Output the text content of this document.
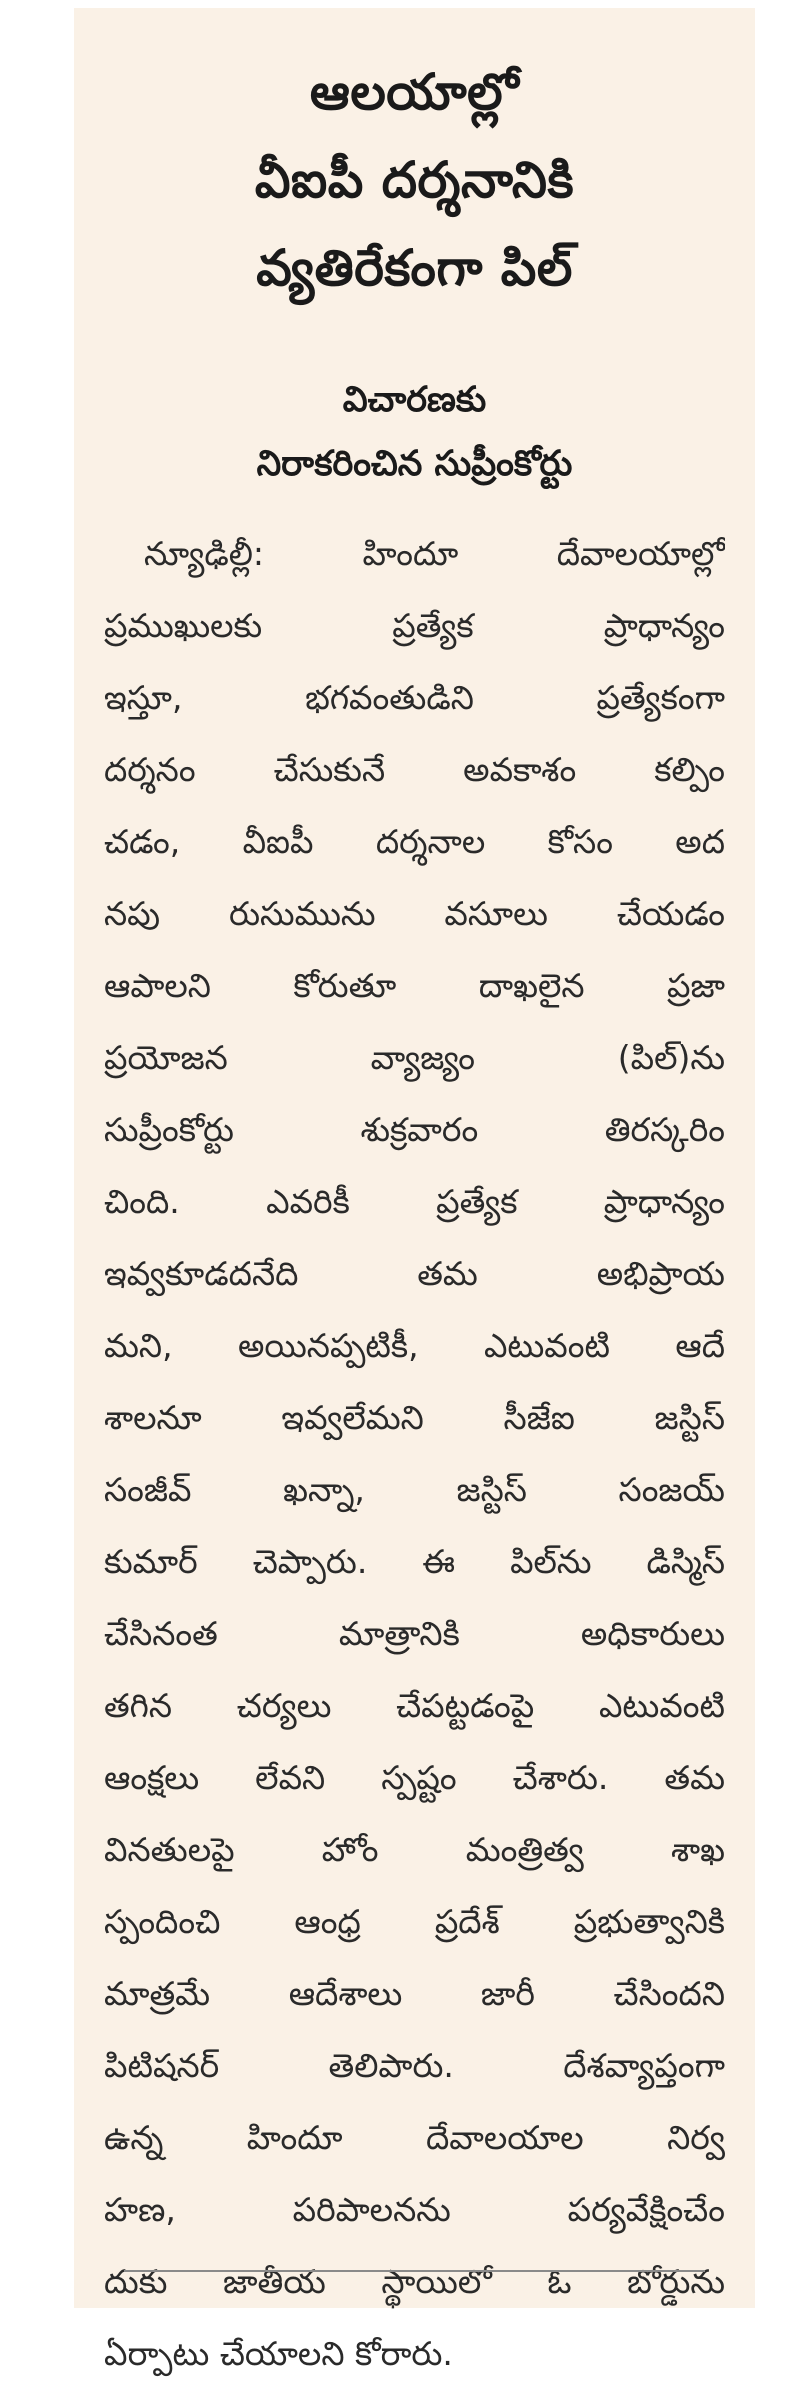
ఆలయాల్లో
వీఐపీ దర్శనానికి
వ్యతిరేకంగా పిల్
విచారణకు
నిరాకరించిన సుప్రీంకోర్టు
న్యూఢిల్లీ: హిందూ దేవాలయాల్లో
ప్రముఖులకు ప్రత్యేక ప్రాధాన్యం
ఇస్తూ, భగవంతుడిని ప్రత్యేకంగా
దర్శనం చేసుకునే అవకాశం కల్పిం
చడం, వీఐపీ దర్శనాల కోసం అద
నపు రుసుమును వసూలు చేయడం
ఆపాలని కోరుతూ దాఖలైన ప్రజా
ప్రయోజన వ్యాజ్యం (పిల్)ను
సుప్రీంకోర్టు శుక్రవారం తిరస్కరిం
చింది. ఎవరికీ ప్రత్యేక ప్రాధాన్యం
ఇవ్వకూడదనేది తమ అభిప్రాయ
మని, అయినప్పటికీ, ఎటువంటి ఆదే
శాలనూ ఇవ్వలేమని సీజేఐ జస్టిస్
సంజీవ్ ఖన్నా, జస్టిస్ సంజయ్
కుమార్ చెప్పారు. ఈ పిల్‌ను డిస్మిస్
చేసినంత మాత్రానికి అధికారులు
తగిన చర్యలు చేపట్టడంపై ఎటువంటి
ఆంక్షలు లేవని స్పష్టం చేశారు. తమ
వినతులపై హోం మంత్రిత్వ శాఖ
స్పందించి ఆంధ్ర ప్రదేశ్ ప్రభుత్వానికి
మాత్రమే ఆదేశాలు జారీ చేసిందని
పిటిషనర్ తెలిపారు. దేశవ్యాప్తంగా
ఉన్న హిందూ దేవాలయాల నిర్వ
హణ, పరిపాలనను పర్యవేక్షించేం
దుకు జాతీయ స్థాయిలో ఓ బోర్డును
ఏర్పాటు చేయాలని కోరారు.
